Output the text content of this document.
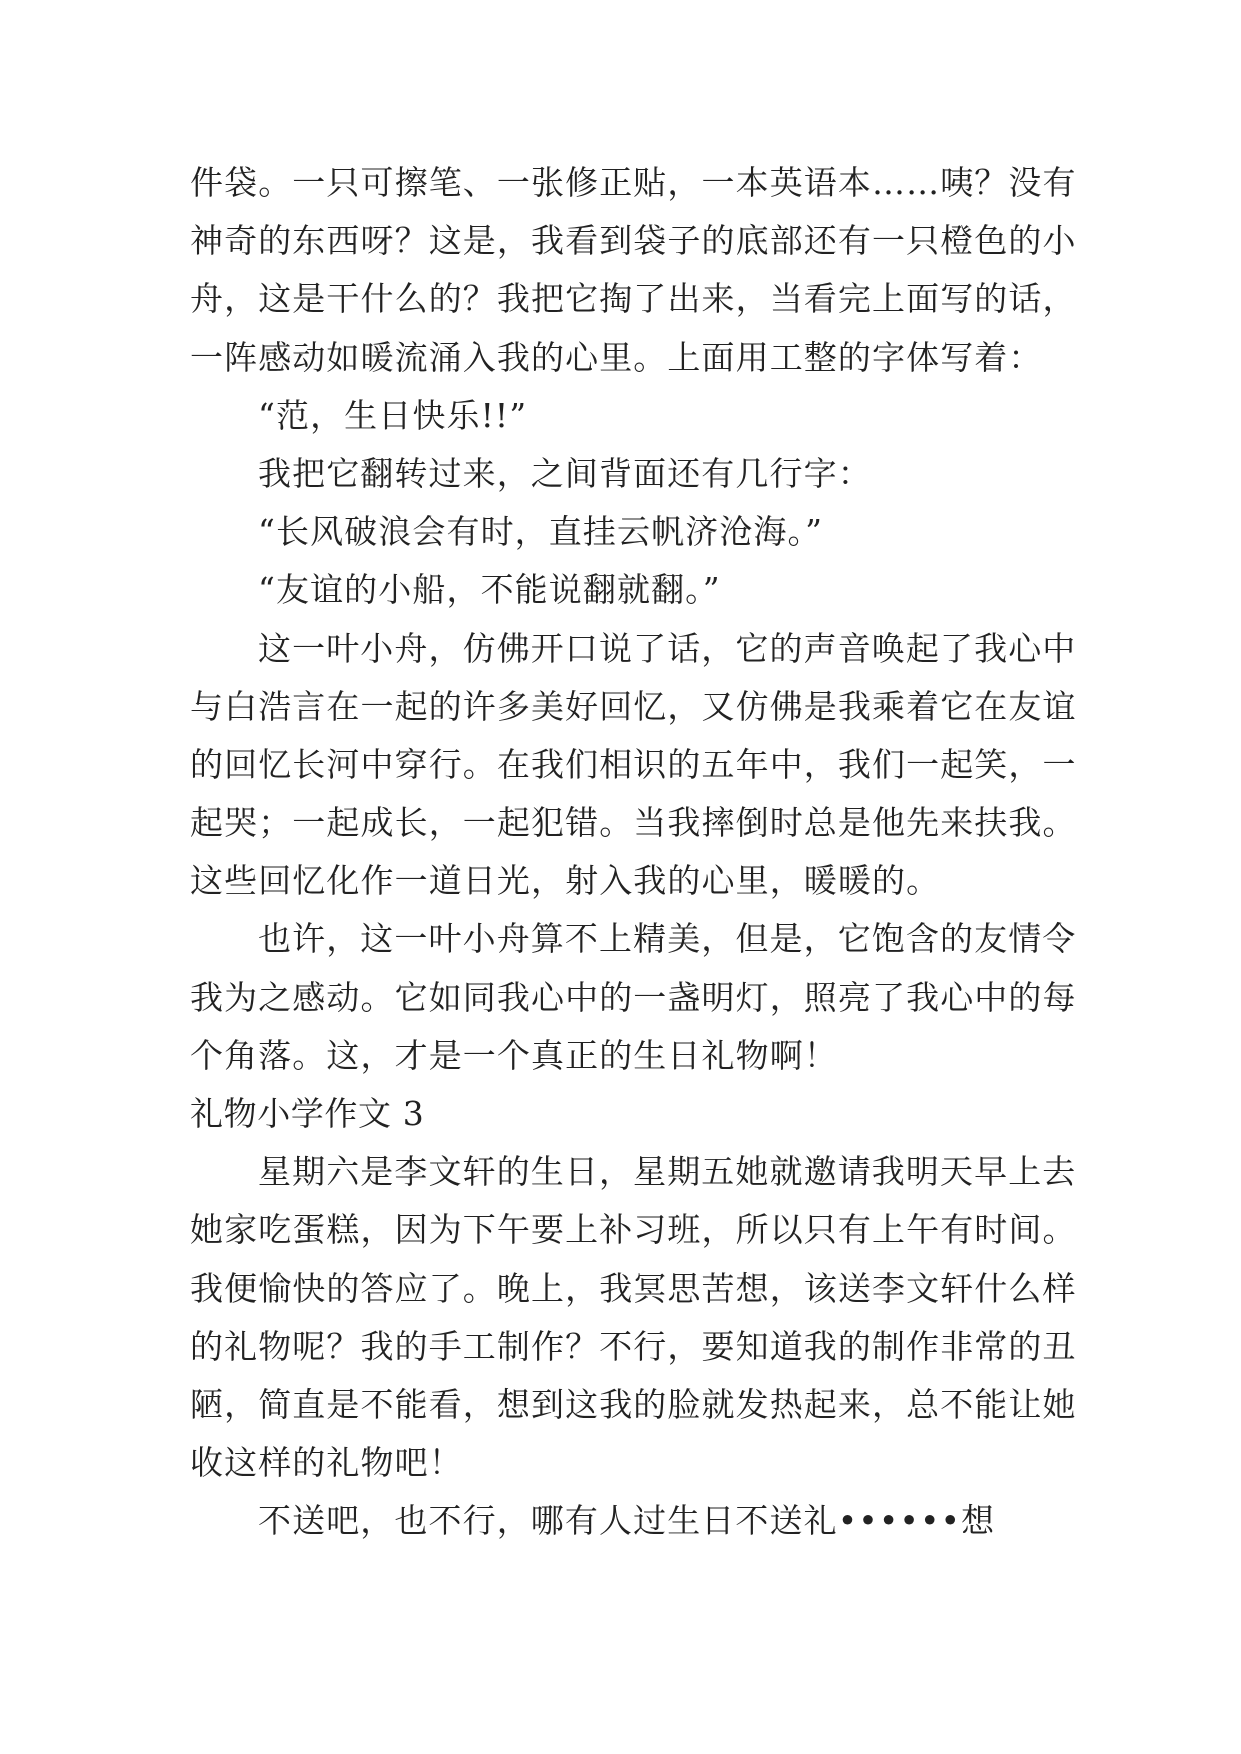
件袋。一只可擦笔、一张修正贴，一本英语本……咦？没有
神奇的东西呀？这是，我看到袋子的底部还有一只橙色的小
舟，这是干什么的？我把它掏了出来，当看完上面写的话，
一阵感动如暖流涌入我的心里。上面用工整的字体写着：
“范，生日快乐!!”
我把它翻转过来，之间背面还有几行字：
“长风破浪会有时，直挂云帆济沧海。”
“友谊的小船，不能说翻就翻。”
这一叶小舟，仿佛开口说了话，它的声音唤起了我心中
与白浩言在一起的许多美好回忆，又仿佛是我乘着它在友谊
的回忆长河中穿行。在我们相识的五年中，我们一起笑，一
起哭；一起成长，一起犯错。当我摔倒时总是他先来扶我。
这些回忆化作一道日光，射入我的心里，暖暖的。
也许，这一叶小舟算不上精美，但是，它饱含的友情令
我为之感动。它如同我心中的一盏明灯，照亮了我心中的每
个角落。这，才是一个真正的生日礼物啊！
礼物小学作文 3
星期六是李文轩的生日，星期五她就邀请我明天早上去
她家吃蛋糕，因为下午要上补习班，所以只有上午有时间。
我便愉快的答应了。晚上，我冥思苦想，该送李文轩什么样
的礼物呢？我的手工制作？不行，要知道我的制作非常的丑
陋，简直是不能看，想到这我的脸就发热起来，总不能让她
收这样的礼物吧！
不送吧，也不行，哪有人过生日不送礼••••••想
